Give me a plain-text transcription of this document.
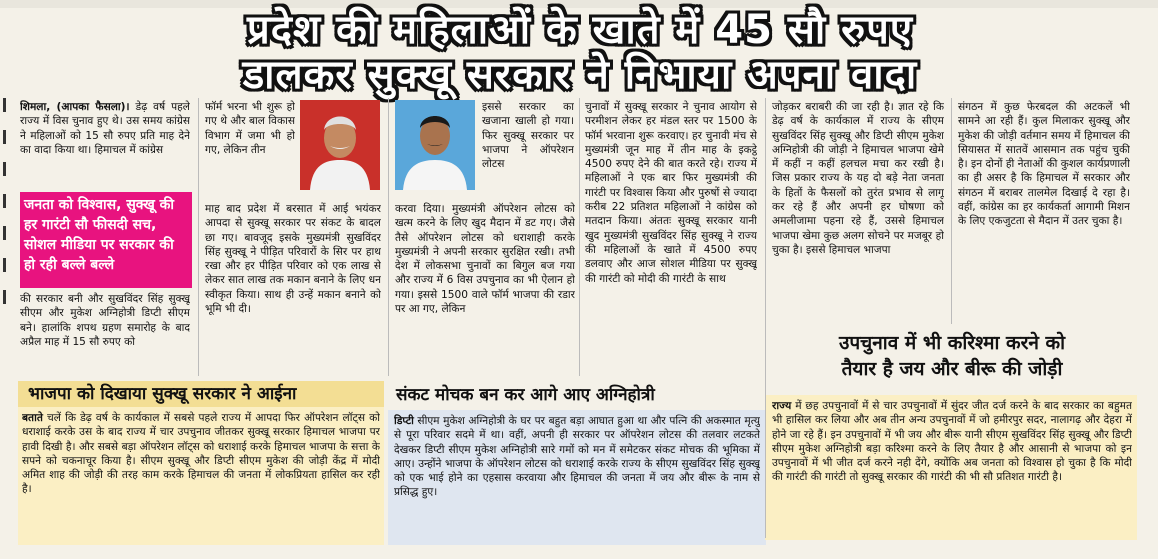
प्रदेश की महिलाओं के खाते में 45 सौ रुपए
डालकर सुक्खू सरकार ने निभाया अपना वादा

शिमला, (आपका फैसला)। डेढ़ वर्ष पहले राज्य में विस चुनाव हुए थे। उस समय कांग्रेस ने महिलाओं को 15 सौ रुपए प्रति माह देने का वादा किया था। हिमाचल में कांग्रेस

जनता को विश्वास, सुक्खू की हर गारंटी सौ फीसदी सच, सोशल मीडिया पर सरकार की हो रही बल्ले बल्ले

की सरकार बनी और सुखविंदर सिंह सुक्खू सीएम और मुकेश अग्निहोत्री डिप्टी सीएम बने। हालांकि शपथ ग्रहण समारोह के बाद अप्रैल माह में 15 सौ रुपए को

फॉर्म भरना भी शुरू हो गए थे और बाल विकास विभाग में जमा भी हो गए, लेकिन तीन

माह बाद प्रदेश में बरसात में आई भयंकर आपदा से सुक्खू सरकार पर संकट के बादल छा गए। बावजूद इसके मुख्यमंत्री सुखविंदर सिंह सुक्खू ने पीड़ित परिवारों के सिर पर हाथ रखा और हर पीड़ित परिवार को एक लाख से लेकर सात लाख तक मकान बनाने के लिए धन स्वीकृत किया। साथ ही उन्हें मकान बनाने को भूमि भी दी।

इससे सरकार का खजाना खाली हो गया। फिर सुक्खू सरकार पर भाजपा ने ऑपरेशन लोटस

करवा दिया। मुख्यमंत्री ऑपरेशन लोटस को खत्म करने के लिए खुद मैदान में डट गए। जैसे तैसे ऑपरेशन लोटस को धराशाही करके मुख्यमंत्री ने अपनी सरकार सुरक्षित रखी। तभी देश में लोकसभा चुनावों का बिगुल बज गया और राज्य में 6 विस उपचुनाव का भी ऐलान हो गया। इससे 1500 वाले फॉर्म भाजपा की रडार पर आ गए, लेकिन

चुनावों में सुक्खू सरकार ने चुनाव आयोग से परमीशन लेकर हर मंडल स्तर पर 1500 के फॉर्म भरवाना शुरू करवाए। हर चुनावी मंच से मुख्यमंत्री जून माह में तीन माह के इकट्ठे 4500 रुपए देने की बात करते रहे। राज्य में महिलाओं ने एक बार फिर मुख्यमंत्री की गारंटी पर विश्वास किया और पुरुषों से ज्यादा करीब 22 प्रतिशत महिलाओं ने कांग्रेस को मतदान किया। अंततः सुक्खू सरकार यानी खुद मुख्यमंत्री सुखविंदर सिंह सुक्खू ने राज्य की महिलाओं के खाते में 4500 रुपए डलवाए और आज सोशल मीडिया पर सुक्खू की गारंटी को मोदी की गारंटी के साथ

जोड़कर बराबरी की जा रही है। ज्ञात रहे कि डेढ़ वर्ष के कार्यकाल में राज्य के सीएम सुखविंदर सिंह सुक्खू और डिप्टी सीएम मुकेश अग्निहोत्री की जोड़ी ने हिमाचल भाजपा खेमे में कहीं न कहीं हलचल मचा कर रखी है। जिस प्रकार राज्य के यह दो बड़े नेता जनता के हितों के फैसलों को तुरंत प्रभाव से लागू कर रहे हैं और अपनी हर घोषणा को अमलीजामा पहना रहे हैं, उससे हिमाचल भाजपा खेमा कुछ अलग सोचने पर मजबूर हो चुका है। इससे हिमाचल भाजपा

संगठन में कुछ फेरबदल की अटकलें भी सामने आ रही हैं। कुल मिलाकर सुक्खू और मुकेश की जोड़ी वर्तमान समय में हिमाचल की सियासत में सातवें आसमान तक पहुंच चुकी है। इन दोनों ही नेताओं की कुशल कार्यप्रणाली का ही असर है कि हिमाचल में सरकार और संगठन में बराबर तालमेल दिखाई दे रहा है। वहीं, कांग्रेस का हर कार्यकर्ता आगामी मिशन के लिए एकजुटता से मैदान में उतर चुका है।

उपचुनाव में भी करिश्मा करने को
तैयार है जय और बीरू की जोड़ी
भाजपा को दिखाया सुक्खू सरकार ने आईना

बताते चलें कि डेढ़ वर्ष के कार्यकाल में सबसे पहले राज्य में आपदा फिर ऑपरेशन लॉट्स को धराशाई करके उस के बाद राज्य में चार उपचुनाव जीतकर सुक्खू सरकार हिमाचल भाजपा पर हावी दिखी है। और सबसे बड़ा ऑपरेशन लॉट्स को धराशाई करके हिमाचल भाजपा के सत्ता के सपने को चकनाचूर किया है। सीएम सुक्खू और डिप्टी सीएम मुकेश की जोड़ी केंद्र में मोदी अमित शाह की जोड़ी की तरह काम करके हिमाचल की जनता में लोकप्रियता हासिल कर रही है।

संकट मोचक बन कर आगे आए अग्निहोत्री

डिप्टी सीएम मुकेश अग्निहोत्री के घर पर बहुत बड़ा आघात हुआ था और पत्नि की अकस्मात मृत्यु से पूरा परिवार सदमे में था। वहीं, अपनी ही सरकार पर ऑपरेशन लोटस की तलवार लटकते देखकर डिप्टी सीएम मुकेश अग्निहोत्री सारे गमों को मन में समेटकर संकट मोचक की भूमिका में आए। उन्होंने भाजपा के ऑपरेशन लोटस को धराशाई करके राज्य के सीएम सुखविंदर सिंह सुक्खू को एक भाई होने का एहसास करवाया और हिमाचल की जनता में जय और बीरू के नाम से प्रसिद्ध हुए।

राज्य में छह उपचुनावों में से चार उपचुनावों में सुंदर जीत दर्ज करने के बाद सरकार का बहुमत भी हासिल कर लिया और अब तीन अन्य उपचुनावों में जो हमीरपुर सदर, नालागढ़ और देहरा में होने जा रहे हैं। इन उपचुनावों में भी जय और बीरू यानी सीएम सुखविंदर सिंह सुक्खू और डिप्टी सीएम मुकेश अग्निहोत्री बड़ा करिश्मा करने के लिए तैयार है और आसानी से भाजपा को इन उपचुनावों में भी जीत दर्ज करने नही देंगे, क्योंकि अब जनता को विश्वास हो चुका है कि मोदी की गारंटी की गारंटी तो सुक्खू सरकार की गारंटी की भी सौ प्रतिशत गारंटी है।
